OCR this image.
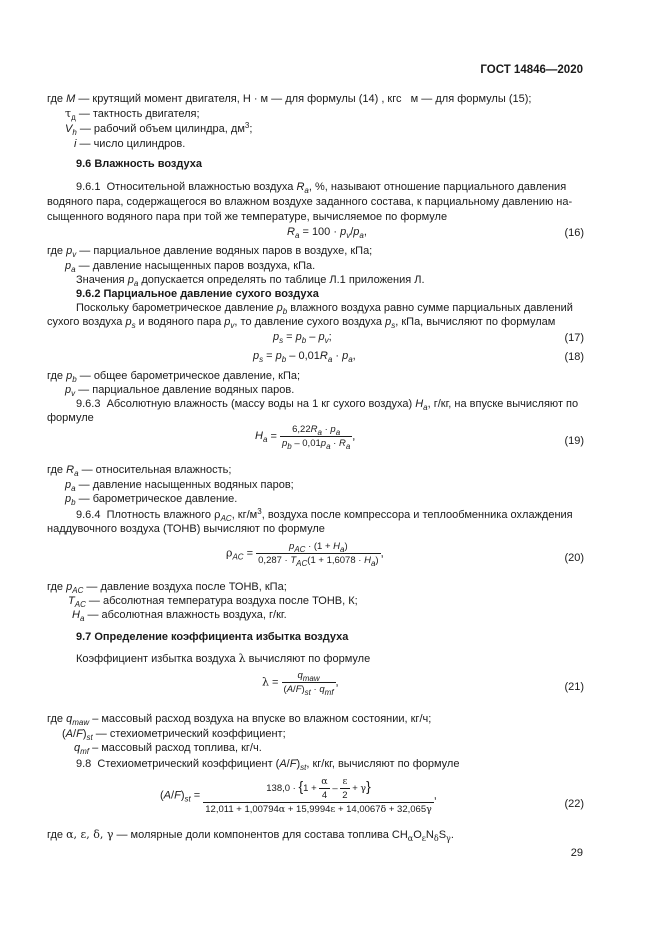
ГОСТ 14846—2020
где M — крутящий момент двигателя, Н · м — для формулы (14) , кгс   м — для формулы (15);
$\tau_д$ — тактность двигателя;
$V_h$ — рабочий объем цилиндра, $дм^3$;
i — число цилиндров.
9.6 Влажность воздуха
9.6.1  Относительной влажностью воздуха $R_a$, %, называют отношение парциального давления
водяного пара, содержащегося во влажном воздухе заданного состава, к парциальному давлению на-
сыщенного водяного пара при той же температуре, вычисляемое по формуле
$R_a = 100 \cdot p_v/p_a$,	(16)
где $p_v$ — парциальное давление водяных паров в воздухе, кПа;
$p_a$ — давление насыщенных паров воздуха, кПа.
Значения $p_a$ допускается определять по таблице Л.1 приложения Л.
9.6.2 Парциальное давление сухого воздуха
Поскольку барометрическое давление $p_b$ влажного воздуха равно сумме парциальных давлений
сухого воздуха $p_s$ и водяного пара $p_v$, то давление сухого воздуха $p_s$, кПа, вычисляют по формулам
$p_s = p_b - p_v$;	(17)
$p_s = p_b - 0,01R_a \cdot p_a$,	(18)
где $p_b$ — общее барометрическое давление, кПа;
$p_v$ — парциальное давление водяных паров.
9.6.3  Абсолютную влажность (массу воды на 1 кг сухого воздуха) $H_a$, г/кг, на впуске вычисляют по
формуле
$H_a = \frac{6,22R_a \cdot p_a}{p_b - 0,01p_a \cdot R_a}$ ,	(19)
где $R_a$ — относительная влажность;
$p_a$ — давление насыщенных водяных паров;
$p_b$ — барометрическое давление.
9.6.4  Плотность влажного $\rho_{AC}$, $кг/м^3$, воздуха после компрессора и теплообменника охлаждения
наддувочного воздуха (ТОНВ) вычисляют по формуле
$\rho_{AC} = \frac{p_{AC} \cdot (1 + H_a)}{0,287 \cdot T_{AC}(1 + 1,6078 \cdot H_a)}$ ,	(20)
где $p_{AC}$ — давление воздуха после ТОНВ, кПа;
$T_{AC}$ — абсолютная температура воздуха после ТОНВ, К;
$H_a$ — абсолютная влажность воздуха, г/кг.
9.7 Определение коэффициента избытка воздуха
Коэффициент избытка воздуха λ вычисляют по формуле
$\lambda = \frac{q_{maw}}{(A/F)_{st} \cdot q_{mf}}$ ,	(21)
где $q_{maw}$ – массовый расход воздуха на впуске во влажном состоянии, кг/ч;
$(A/F)_{st}$ — стехиометрический коэффициент;
$q_{mf}$ – массовый расход топлива, кг/ч.
9.8  Стехиометрический коэффициент $(A/F)_{st}$, кг/кг, вычисляют по формуле
$(A/F)_{st} = \frac{138,0 \cdot \{1 + \frac{\alpha}{4} - \frac{\varepsilon}{2} + \gamma\}}{12,011 + 1,00794\alpha + 15,9994\varepsilon + 14,0067\delta + 32,065\gamma}$ ,
(22)
где α, ε, δ, γ — молярные доли компонентов для состава топлива $CH_\alpha O_\varepsilon N_\delta S_\gamma$.
29
